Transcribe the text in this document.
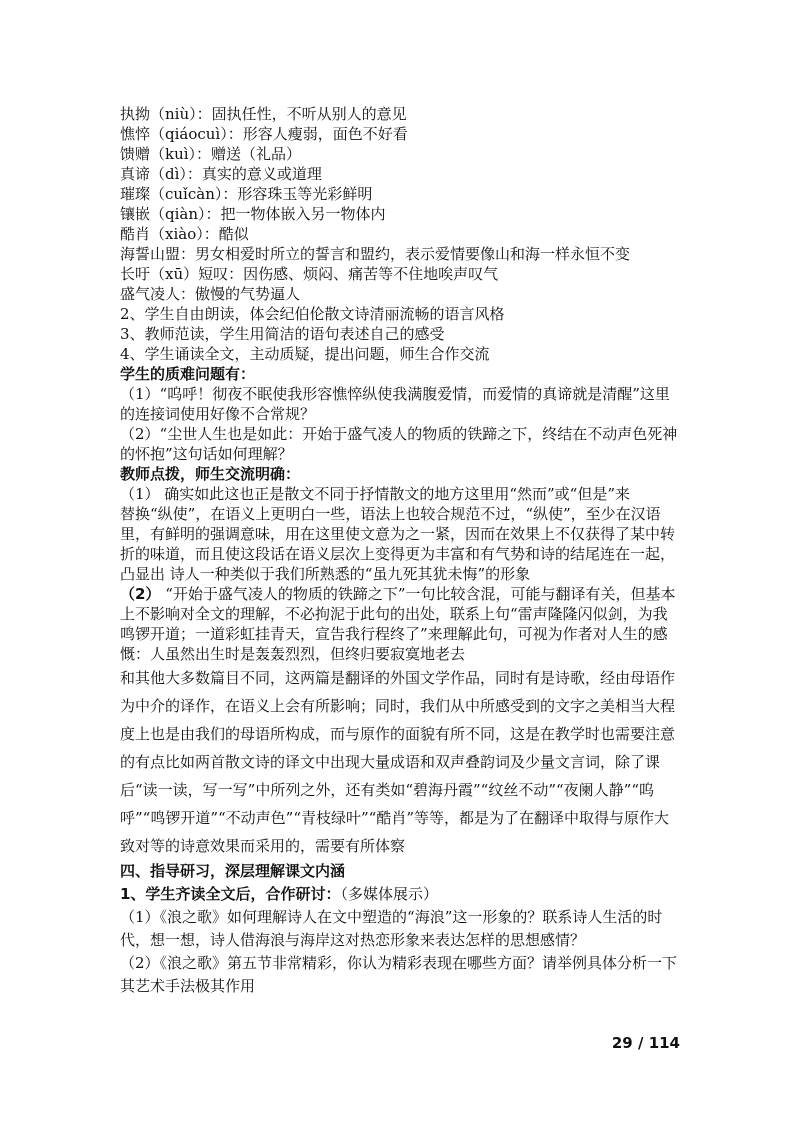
执拗（niù）：固执任性，不听从别人的意见

憔悴（qiáocuì）：形容人瘦弱，面色不好看

馈赠（kuì）：赠送（礼品）

真谛（dì）：真实的意义或道理

璀璨（cuǐcàn）：形容珠玉等光彩鲜明

镶嵌（qiàn）：把一物体嵌入另一物体内

酷肖（xiào）：酷似

海誓山盟：男女相爱时所立的誓言和盟约，表示爱情要像山和海一样永恒不变

长吁（xū）短叹：因伤感、烦闷、痛苦等不住地唉声叹气

盛气凌人：傲慢的气势逼人

2、学生自由朗读，体会纪伯伦散文诗清丽流畅的语言风格

3、教师范读，学生用简洁的语句表述自己的感受

4、学生诵读全文，主动质疑，提出问题，师生合作交流

学生的质难问题有：

（1）“呜呼！彻夜不眠使我形容憔悴纵使我满腹爱情，而爱情的真谛就是清醒”这里的连接词使用好像不合常规？

（2）“尘世人生也是如此：开始于盛气凌人的物质的铁蹄之下，终结在不动声色死神的怀抱”这句话如何理解？

教师点拨，师生交流明确：

（1） 确实如此这也正是散文不同于抒情散文的地方这里用“然而”或“但是”来

替换“纵使”，在语义上更明白一些，语法上也较合规范不过，“纵使”，至少在汉语里，有鲜明的强调意味，用在这里使文意为之一紧，因而在效果上不仅获得了某中转折的味道，而且使这段话在语义层次上变得更为丰富和有气势和诗的结尾连在一起，凸显出 诗人一种类似于我们所熟悉的“虽九死其犹未悔”的形象

（2） “开始于盛气凌人的物质的铁蹄之下”一句比较含混，可能与翻译有关，但基本

上不影响对全文的理解，不必拘泥于此句的出处，联系上句“雷声隆隆闪似剑，为我鸣锣开道；一道彩虹挂青天，宣告我行程终了”来理解此句，可视为作者对人生的感慨：人虽然出生时是轰轰烈烈，但终归要寂寞地老去

和其他大多数篇目不同，这两篇是翻译的外国文学作品，同时有是诗歌，经由母语作为中介的译作，在语义上会有所影响；同时，我们从中所感受到的文字之美相当大程度上也是由我们的母语所构成，而与原作的面貌有所不同，这是在教学时也需要注意的有点比如两首散文诗的译文中出现大量成语和双声叠韵词及少量文言词，除了课后“读一读，写一写”中所列之外，还有类如“碧海丹霞”“纹丝不动”“夜阑人静”“呜呼”“鸣锣开道”“不动声色”“青枝绿叶”“酷肖”等等，都是为了在翻译中取得与原作大致对等的诗意效果而采用的，需要有所体察

四、指导研习，深层理解课文内涵

1、学生齐读全文后，合作研讨：（多媒体展示）

（1）《浪之歌》如何理解诗人在文中塑造的“海浪”这一形象的？联系诗人生活的时代，想一想，诗人借海浪与海岸这对热恋形象来表达怎样的思想感情？

（2）《浪之歌》第五节非常精彩，你认为精彩表现在哪些方面？请举例具体分析一下其艺术手法极其作用

29 / 114
